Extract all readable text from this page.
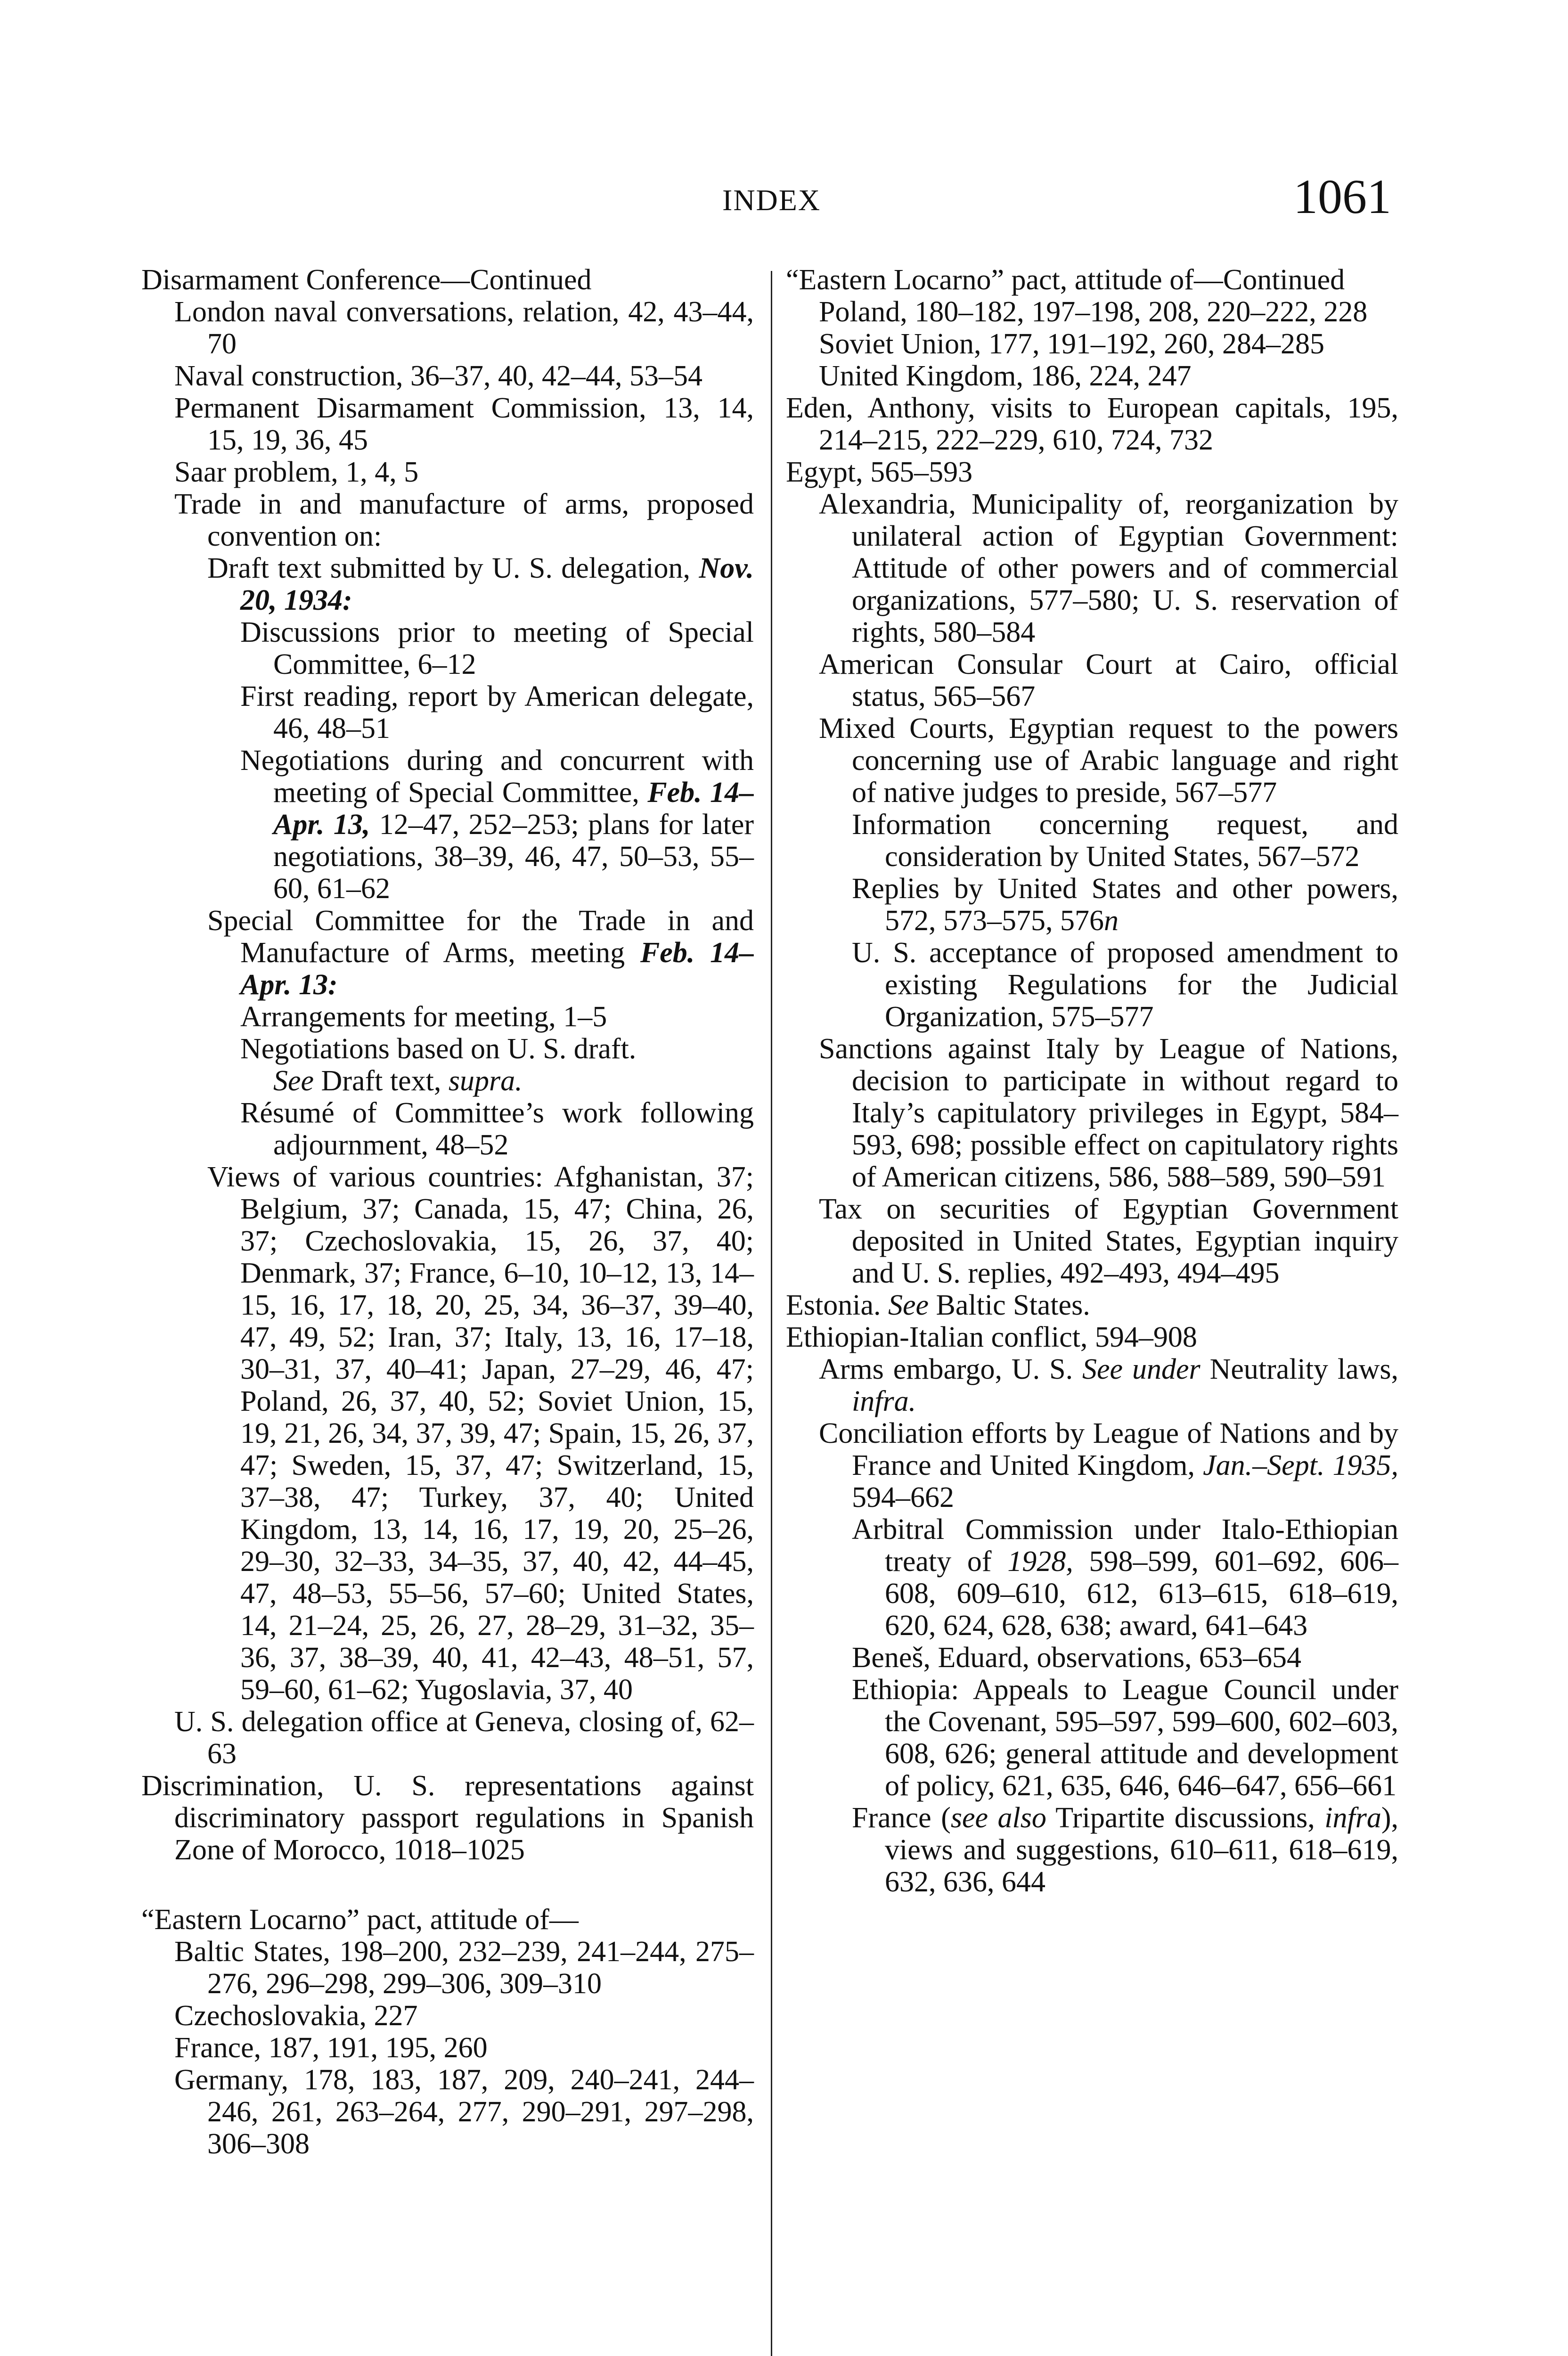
INDEX	1061

Disarmament Conference—Continued

London naval conversations, relation, 42, 43–44, 70

Naval construction, 36–37, 40, 42–44, 53–54

Permanent Disarmament Commission, 13, 14, 15, 19, 36, 45

Saar problem, 1, 4, 5

Trade in and manufacture of arms, proposed convention on:

Draft text submitted by U. S. delegation, Nov. 20, 1934:

Discussions prior to meeting of Special Committee, 6–12

First reading, report by American delegate, 46, 48–51

Negotiations during and concurrent with meeting of Special Committee, Feb. 14–Apr. 13, 12–47, 252–253; plans for later negotiations, 38–39, 46, 47, 50–53, 55–60, 61–62

Special Committee for the Trade in and Manufacture of Arms, meeting Feb. 14–Apr. 13:

Arrangements for meeting, 1–5

Negotiations based on U. S. draft.
See Draft text, supra.

Résumé of Committee’s work following adjournment, 48–52

Views of various countries: Afghanistan, 37; Belgium, 37; Canada, 15, 47; China, 26, 37; Czechoslovakia, 15, 26, 37, 40; Denmark, 37; France, 6–10, 10–12, 13, 14–15, 16, 17, 18, 20, 25, 34, 36–37, 39–40, 47, 49, 52; Iran, 37; Italy, 13, 16, 17–18, 30–31, 37, 40–41; Japan, 27–29, 46, 47; Poland, 26, 37, 40, 52; Soviet Union, 15, 19, 21, 26, 34, 37, 39, 47; Spain, 15, 26, 37, 47; Sweden, 15, 37, 47; Switzerland, 15, 37–38, 47; Turkey, 37, 40; United Kingdom, 13, 14, 16, 17, 19, 20, 25–26, 29–30, 32–33, 34–35, 37, 40, 42, 44–45, 47, 48–53, 55–56, 57–60; United States, 14, 21–24, 25, 26, 27, 28–29, 31–32, 35–36, 37, 38–39, 40, 41, 42–43, 48–51, 57, 59–60, 61–62; Yugoslavia, 37, 40

U. S. delegation office at Geneva, closing of, 62–63

Discrimination, U. S. representations against discriminatory passport regulations in Spanish Zone of Morocco, 1018–1025

“Eastern Locarno” pact, attitude of—

Baltic States, 198–200, 232–239, 241–244, 275–276, 296–298, 299–306, 309–310

Czechoslovakia, 227

France, 187, 191, 195, 260

Germany, 178, 183, 187, 209, 240–241, 244–246, 261, 263–264, 277, 290–291, 297–298, 306–308

“Eastern Locarno” pact, attitude of—Continued

Poland, 180–182, 197–198, 208, 220–222, 228

Soviet Union, 177, 191–192, 260, 284–285

United Kingdom, 186, 224, 247

Eden, Anthony, visits to European capitals, 195, 214–215, 222–229, 610, 724, 732

Egypt, 565–593

Alexandria, Municipality of, reorganization by unilateral action of Egyptian Government: Attitude of other powers and of commercial organizations, 577–580; U. S. reservation of rights, 580–584

American Consular Court at Cairo, official status, 565–567

Mixed Courts, Egyptian request to the powers concerning use of Arabic language and right of native judges to preside, 567–577

Information concerning request, and consideration by United States, 567–572

Replies by United States and other powers, 572, 573–575, 576n

U. S. acceptance of proposed amendment to existing Regulations for the Judicial Organization, 575–577

Sanctions against Italy by League of Nations, decision to participate in without regard to Italy’s capitulatory privileges in Egypt, 584–593, 698; possible effect on capitulatory rights of American citizens, 586, 588–589, 590–591

Tax on securities of Egyptian Government deposited in United States, Egyptian inquiry and U. S. replies, 492–493, 494–495

Estonia. See Baltic States.

Ethiopian-Italian conflict, 594–908

Arms embargo, U. S. See under Neutrality laws, infra.

Conciliation efforts by League of Nations and by France and United Kingdom, Jan.–Sept. 1935, 594–662

Arbitral Commission under Italo-Ethiopian treaty of 1928, 598–599, 601–692, 606–608, 609–610, 612, 613–615, 618–619, 620, 624, 628, 638; award, 641–643

Beneš, Eduard, observations, 653–654

Ethiopia: Appeals to League Council under the Covenant, 595–597, 599–600, 602–603, 608, 626; general attitude and development of policy, 621, 635, 646, 646–647, 656–661

France (see also Tripartite discussions, infra), views and suggestions, 610–611, 618–619, 632, 636, 644
